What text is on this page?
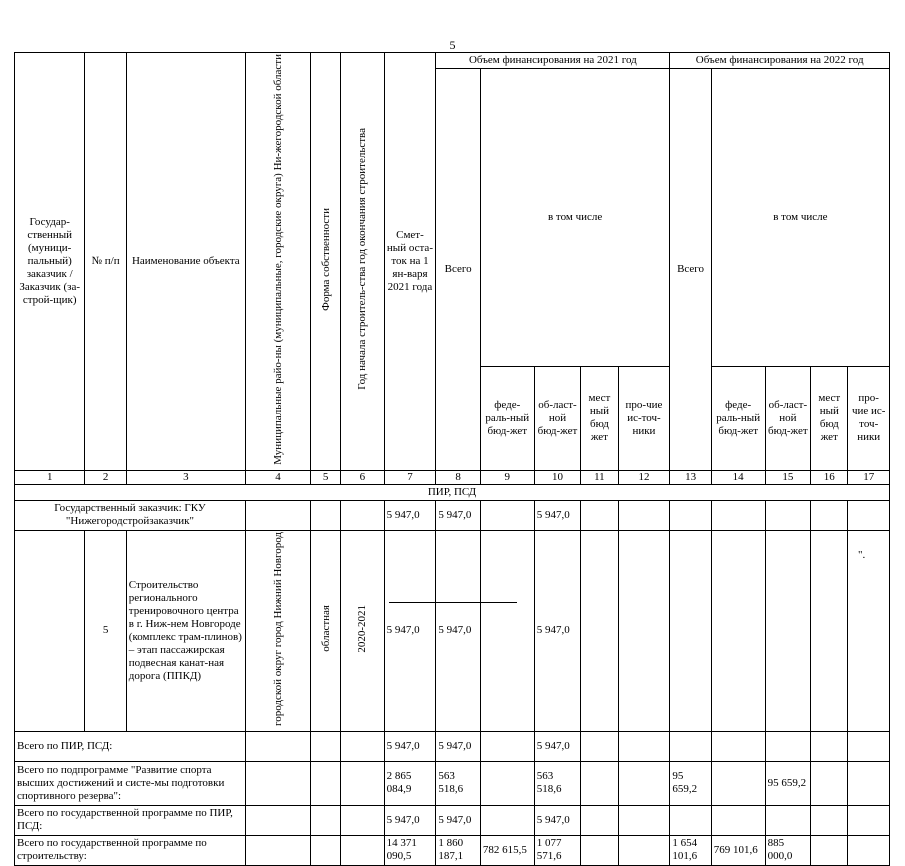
5
Государ-ственный (муници-пальный) заказчик / Заказчик (за-строй-щик)	№ п/п	Наименование объекта	Муниципальные райо-ны (муниципальные, городские округа) Ни-жегородской области	Форма собственности	Год начала строитель-ства год окончания строительства	Смет-ный оста-ток на 1 ян-варя 2021 года	Объем финансирования на 2021 год					Объем финансирования на 2022 год				
							Всего	в том числе				Всего	в том числе			
								феде-раль-ный бюд-жет	об-ласт-ной бюд-жет	мест ный бюд жет	про-чие ис-точ-ники		феде-раль-ный бюд-жет	об-ласт-ной бюд-жет	мест ный бюд жет	про-чие ис-точ-ники
1	2	3	4	5	6	7	8	9	10	11	12	13	14	15	16	17
ПИР, ПСД																
Государственный заказчик: ГКУ "Нижегородстройзаказчик"						5 947,0	5 947,0		5 947,0							
	5	Строительство регионального тренировочного центра в г. Ниж-нем Новгороде (комплекс трам-плинов) – этап пассажирская подвесная канат-ная дорога (ППКД)	городской округ город Нижний Новгород	областная	2020-2021	5 947,0	5 947,0		5 947,0							
Всего по ПИР, ПСД:						5 947,0	5 947,0		5 947,0							
Всего по подпрограмме "Развитие спорта высших достижений и систе-мы подготовки спортивного резерва":						2 865 084,9	563 518,6		563 518,6			95 659,2		95 659,2		
Всего по государственной программе по ПИР, ПСД:						5 947,0	5 947,0		5 947,0							
Всего по государственной программе по строительству:						14 371 090,5	1 860 187,1	782 615,5	1 077 571,6			1 654 101,6	769 101,6	885 000,0		
".
